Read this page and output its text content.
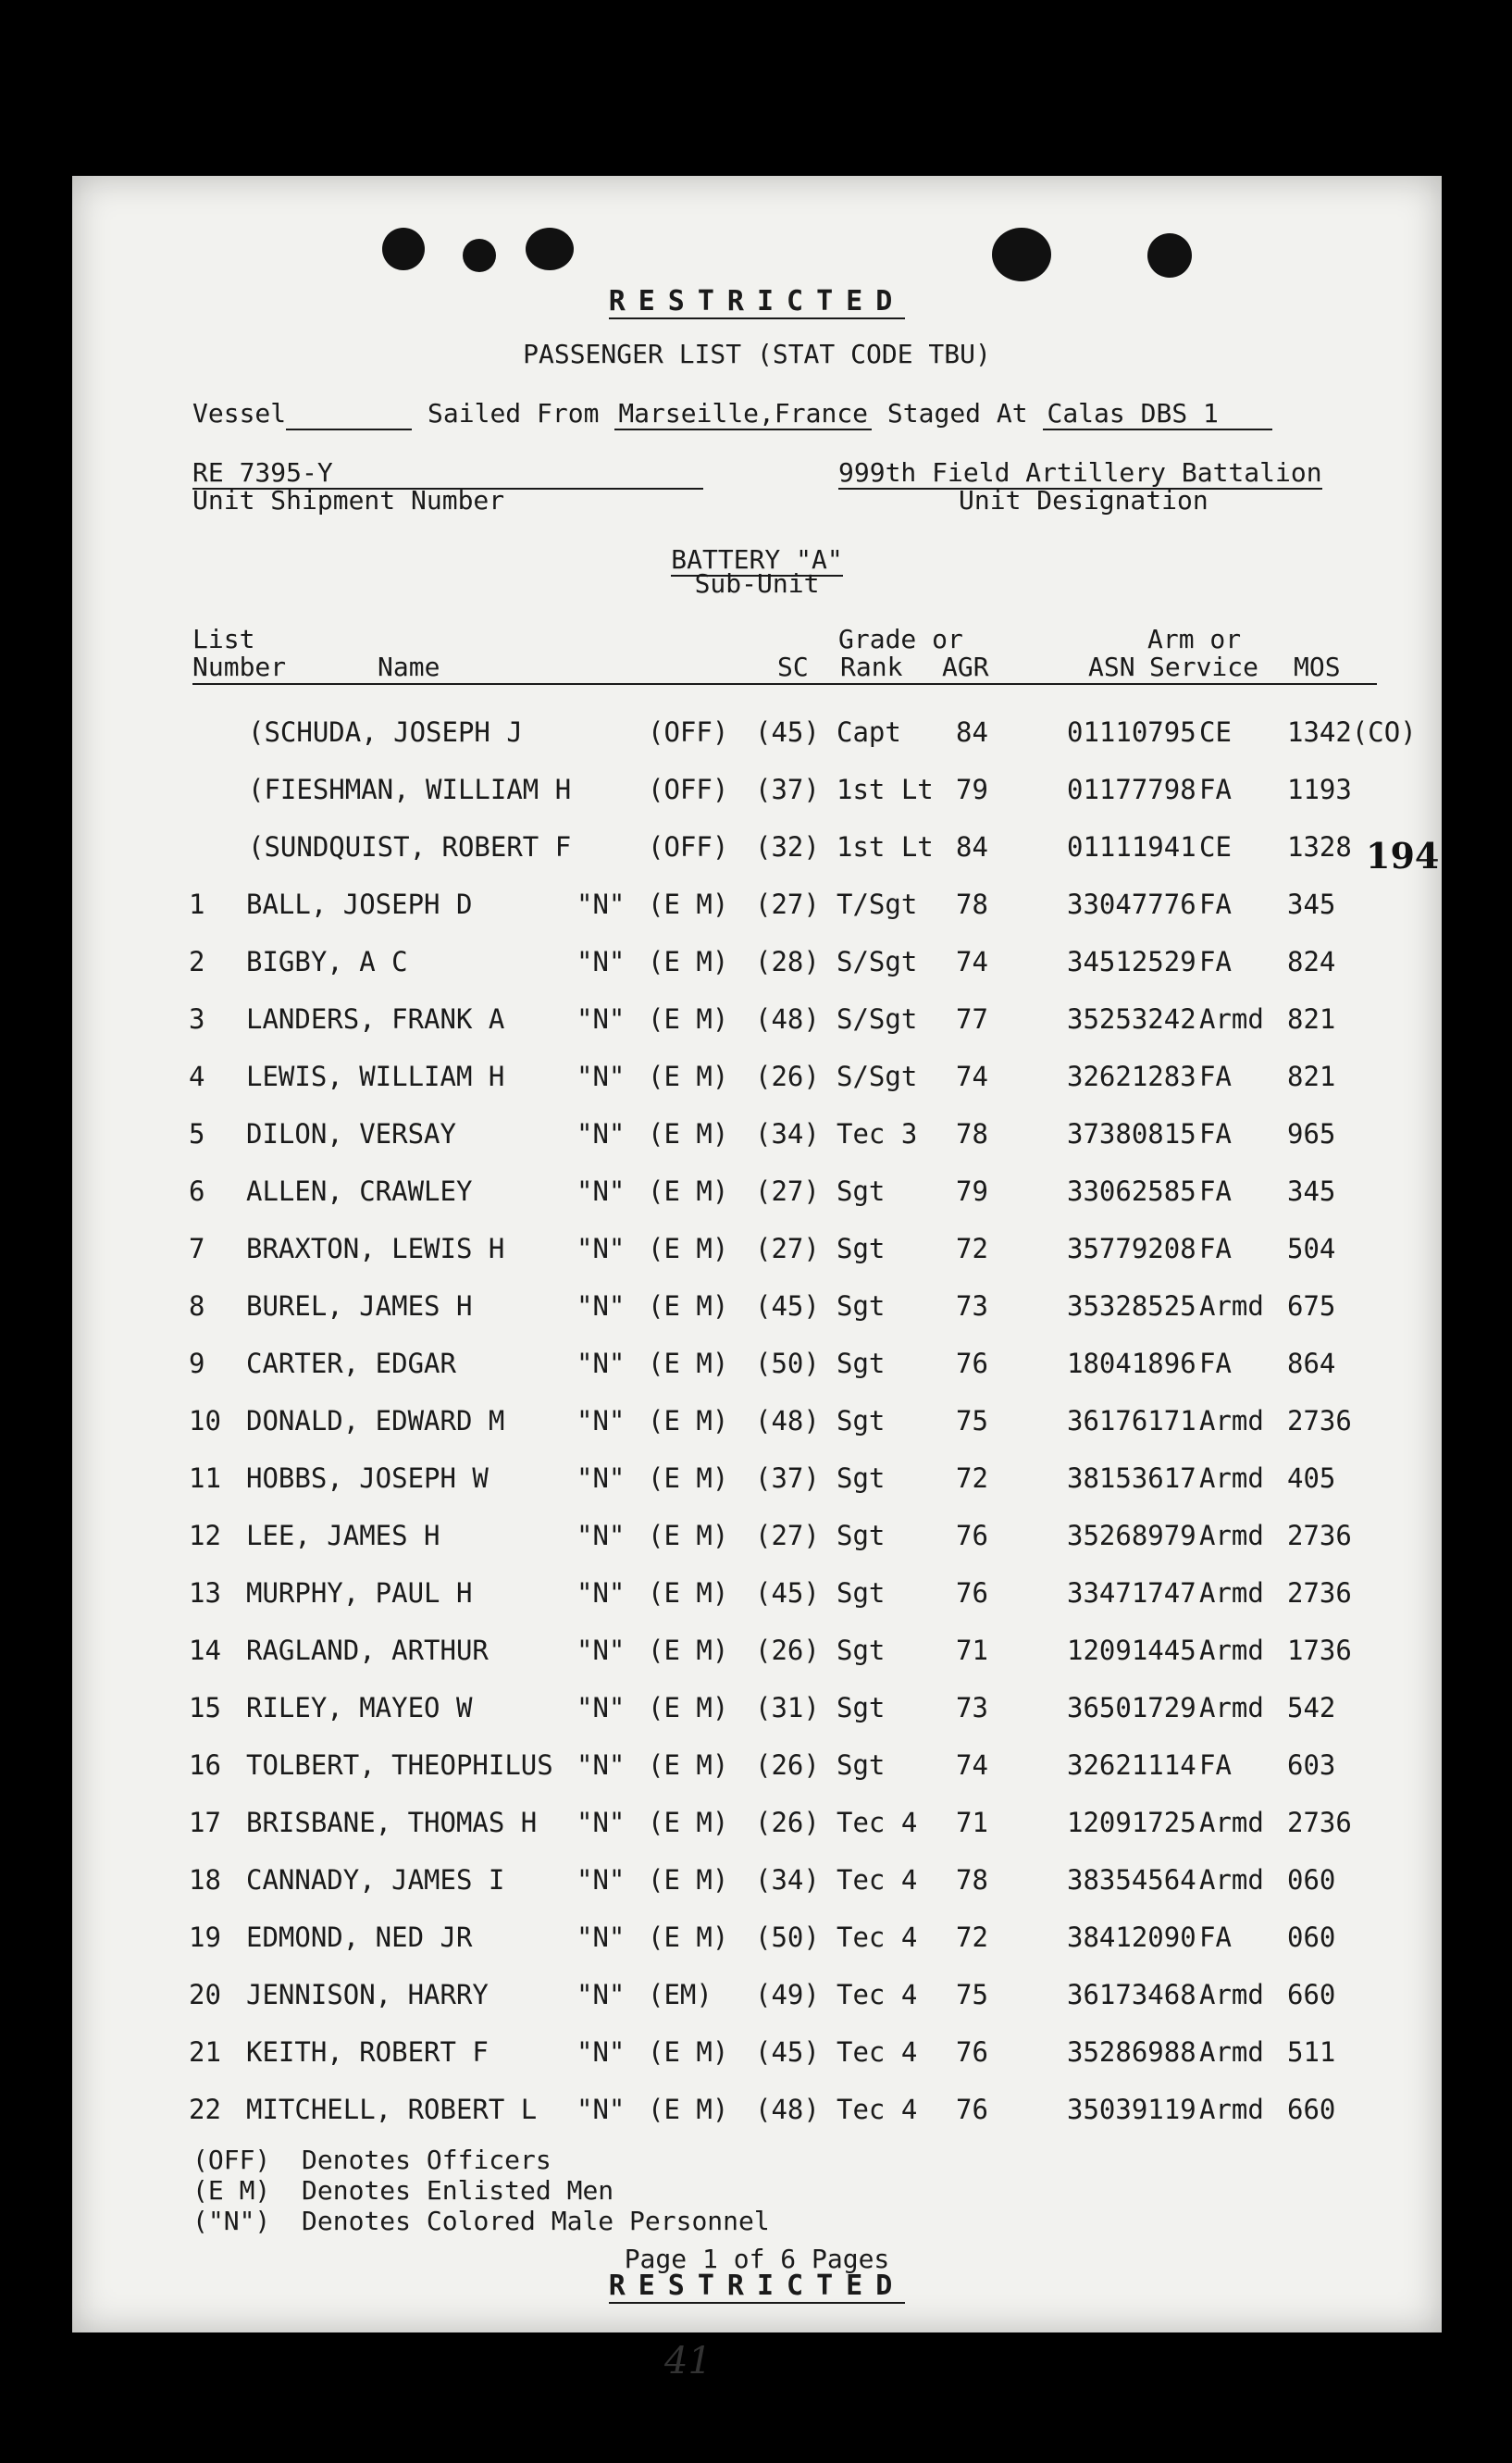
RESTRICTED
PASSENGER LIST (STAT CODE TBU)
Vessel	Sailed From Marseille,France Staged At Calas DBS 1
RE 7395-Y
Unit Shipment Number
999th Field Artillery Battalion
Unit Designation
BATTERY "A"
Sub-Unit
List	Grade or	Arm or
Number	Name	SC Rank AGR	ASN Service MOS
(SCHUDA, JOSEPH J	(OFF) (45) Capt 84	01110795 CE 1342(CO)
(FIESHMAN, WILLIAM H	(OFF) (37) 1st Lt 79	01177798 FA 1193
(SUNDQUIST, ROBERT F	(OFF) (32) 1st Lt 84	01111941 CE 1328
1 BALL, JOSEPH D	"N" (E M) (27) T/Sgt 78	33047776 FA 345
2 BIGBY, A C	"N" (E M) (28) S/Sgt 74	34512529 FA 824
3 LANDERS, FRANK A	"N" (E M) (48) S/Sgt 77	35253242 Armd 821
4 LEWIS, WILLIAM H	"N" (E M) (26) S/Sgt 74	32621283 FA 821
5 DILON, VERSAY	"N" (E M) (34) Tec 3 78	37380815 FA 965
6 ALLEN, CRAWLEY	"N" (E M) (27) Sgt	79	33062585 FA 345
7 BRAXTON, LEWIS H	"N" (E M) (27) Sgt	72	35779208 FA 504
8 BUREL, JAMES H	"N" (E M) (45) Sgt	73	35328525 Armd 675
9 CARTER, EDGAR	"N" (E M) (50) Sgt	76	18041896 FA 864
10 DONALD, EDWARD M	"N" (E M) (48) Sgt	75	36176171 Armd 2736
11 HOBBS, JOSEPH W	"N" (E M) (37) Sgt	72	38153617 Armd 405
12 LEE, JAMES H	"N" (E M) (27) Sgt	76	35268979 Armd 2736
13 MURPHY, PAUL H	"N" (E M) (45) Sgt	76	33471747 Armd 2736
14 RAGLAND, ARTHUR	"N" (E M) (26) Sgt	71	12091445 Armd 1736
15 RILEY, MAYEO W	"N" (E M) (31) Sgt	73	36501729 Armd 542
16 TOLBERT, THEOPHILUS "N" (E M) (26) Sgt	74	32621114 FA 603
17 BRISBANE, THOMAS H "N" (E M) (26) Tec 4 71	12091725 Armd 2736
18 CANNADY, JAMES I	"N" (E M) (34) Tec 4 78	38354564 Armd 060
19 EDMOND, NED JR	"N" (E M) (50) Tec 4 72	38412090 FA 060
20 JENNISON, HARRY	"N" (EM) (49) Tec 4 75	36173468 Armd 660
21 KEITH, ROBERT F	"N" (E M) (45) Tec 4 76	35286988 Armd 511
22 MITCHELL, ROBERT L "N" (E M) (48) Tec 4 76	35039119 Armd 660
(OFF) Denotes Officers
(E M) Denotes Enlisted Men
("N") Denotes Colored Male Personnel
Page 1 of 6 Pages
RESTRICTED
194
41
